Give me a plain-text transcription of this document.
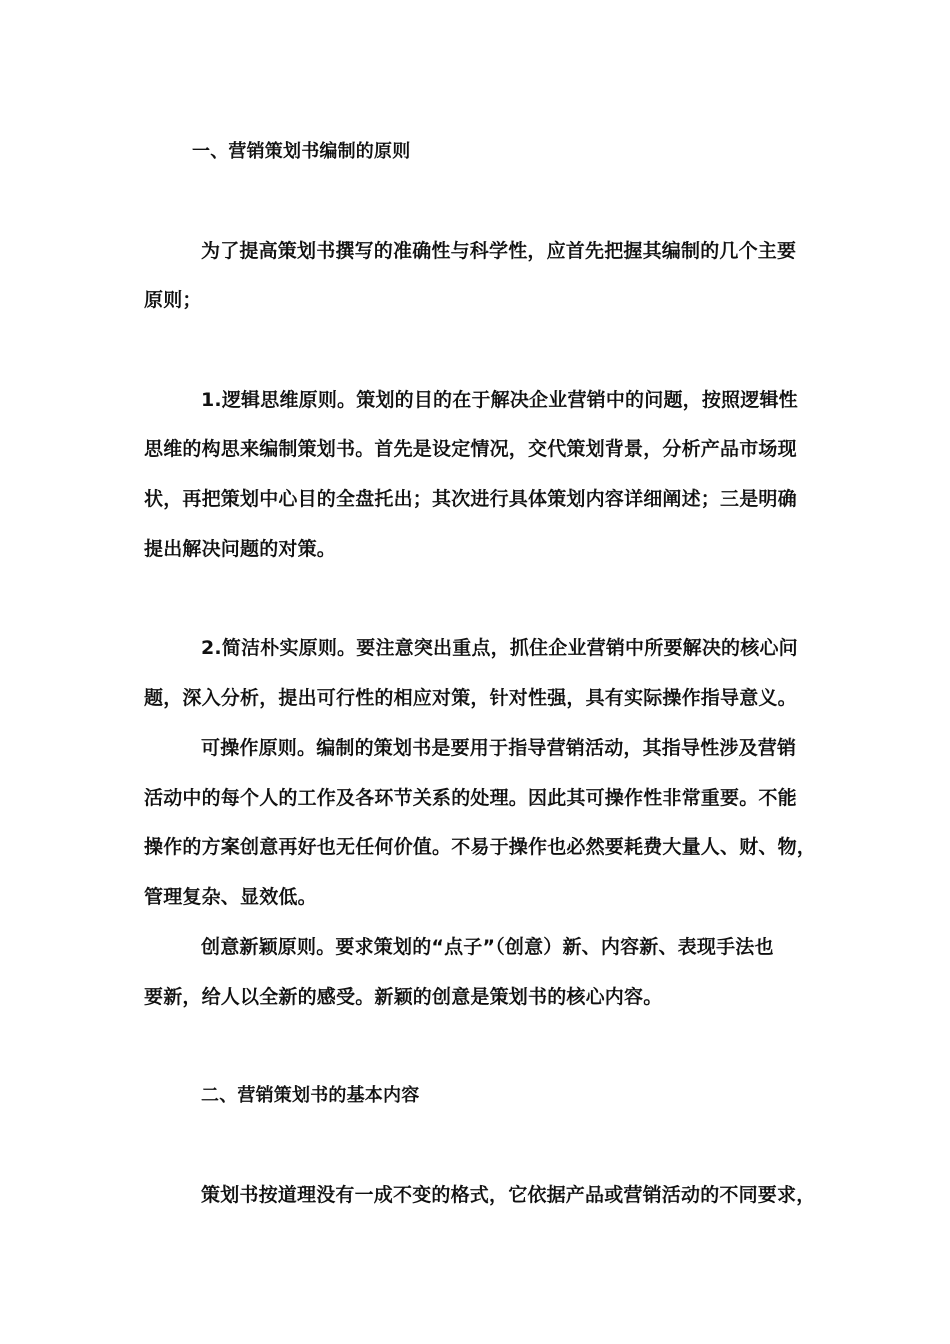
一、营销策划书编制的原则
为了提高策划书撰写的准确性与科学性，应首先把握其编制的几个主要
原则；
1.逻辑思维原则。策划的目的在于解决企业营销中的问题，按照逻辑性
思维的构思来编制策划书。首先是设定情况，交代策划背景，分析产品市场现
状，再把策划中心目的全盘托出；其次进行具体策划内容详细阐述；三是明确
提出解决问题的对策。
2.简洁朴实原则。要注意突出重点，抓住企业营销中所要解决的核心问
题，深入分析，提出可行性的相应对策，针对性强，具有实际操作指导意义。
可操作原则。编制的策划书是要用于指导营销活动，其指导性涉及营销
活动中的每个人的工作及各环节关系的处理。因此其可操作性非常重要。不能
操作的方案创意再好也无任何价值。不易于操作也必然要耗费大量人、财、物，
管理复杂、显效低。
创意新颖原则。要求策划的“点子”（创意）新、内容新、表现手法也
要新，给人以全新的感受。新颖的创意是策划书的核心内容。
二、营销策划书的基本内容
策划书按道理没有一成不变的格式，它依据产品或营销活动的不同要求，
